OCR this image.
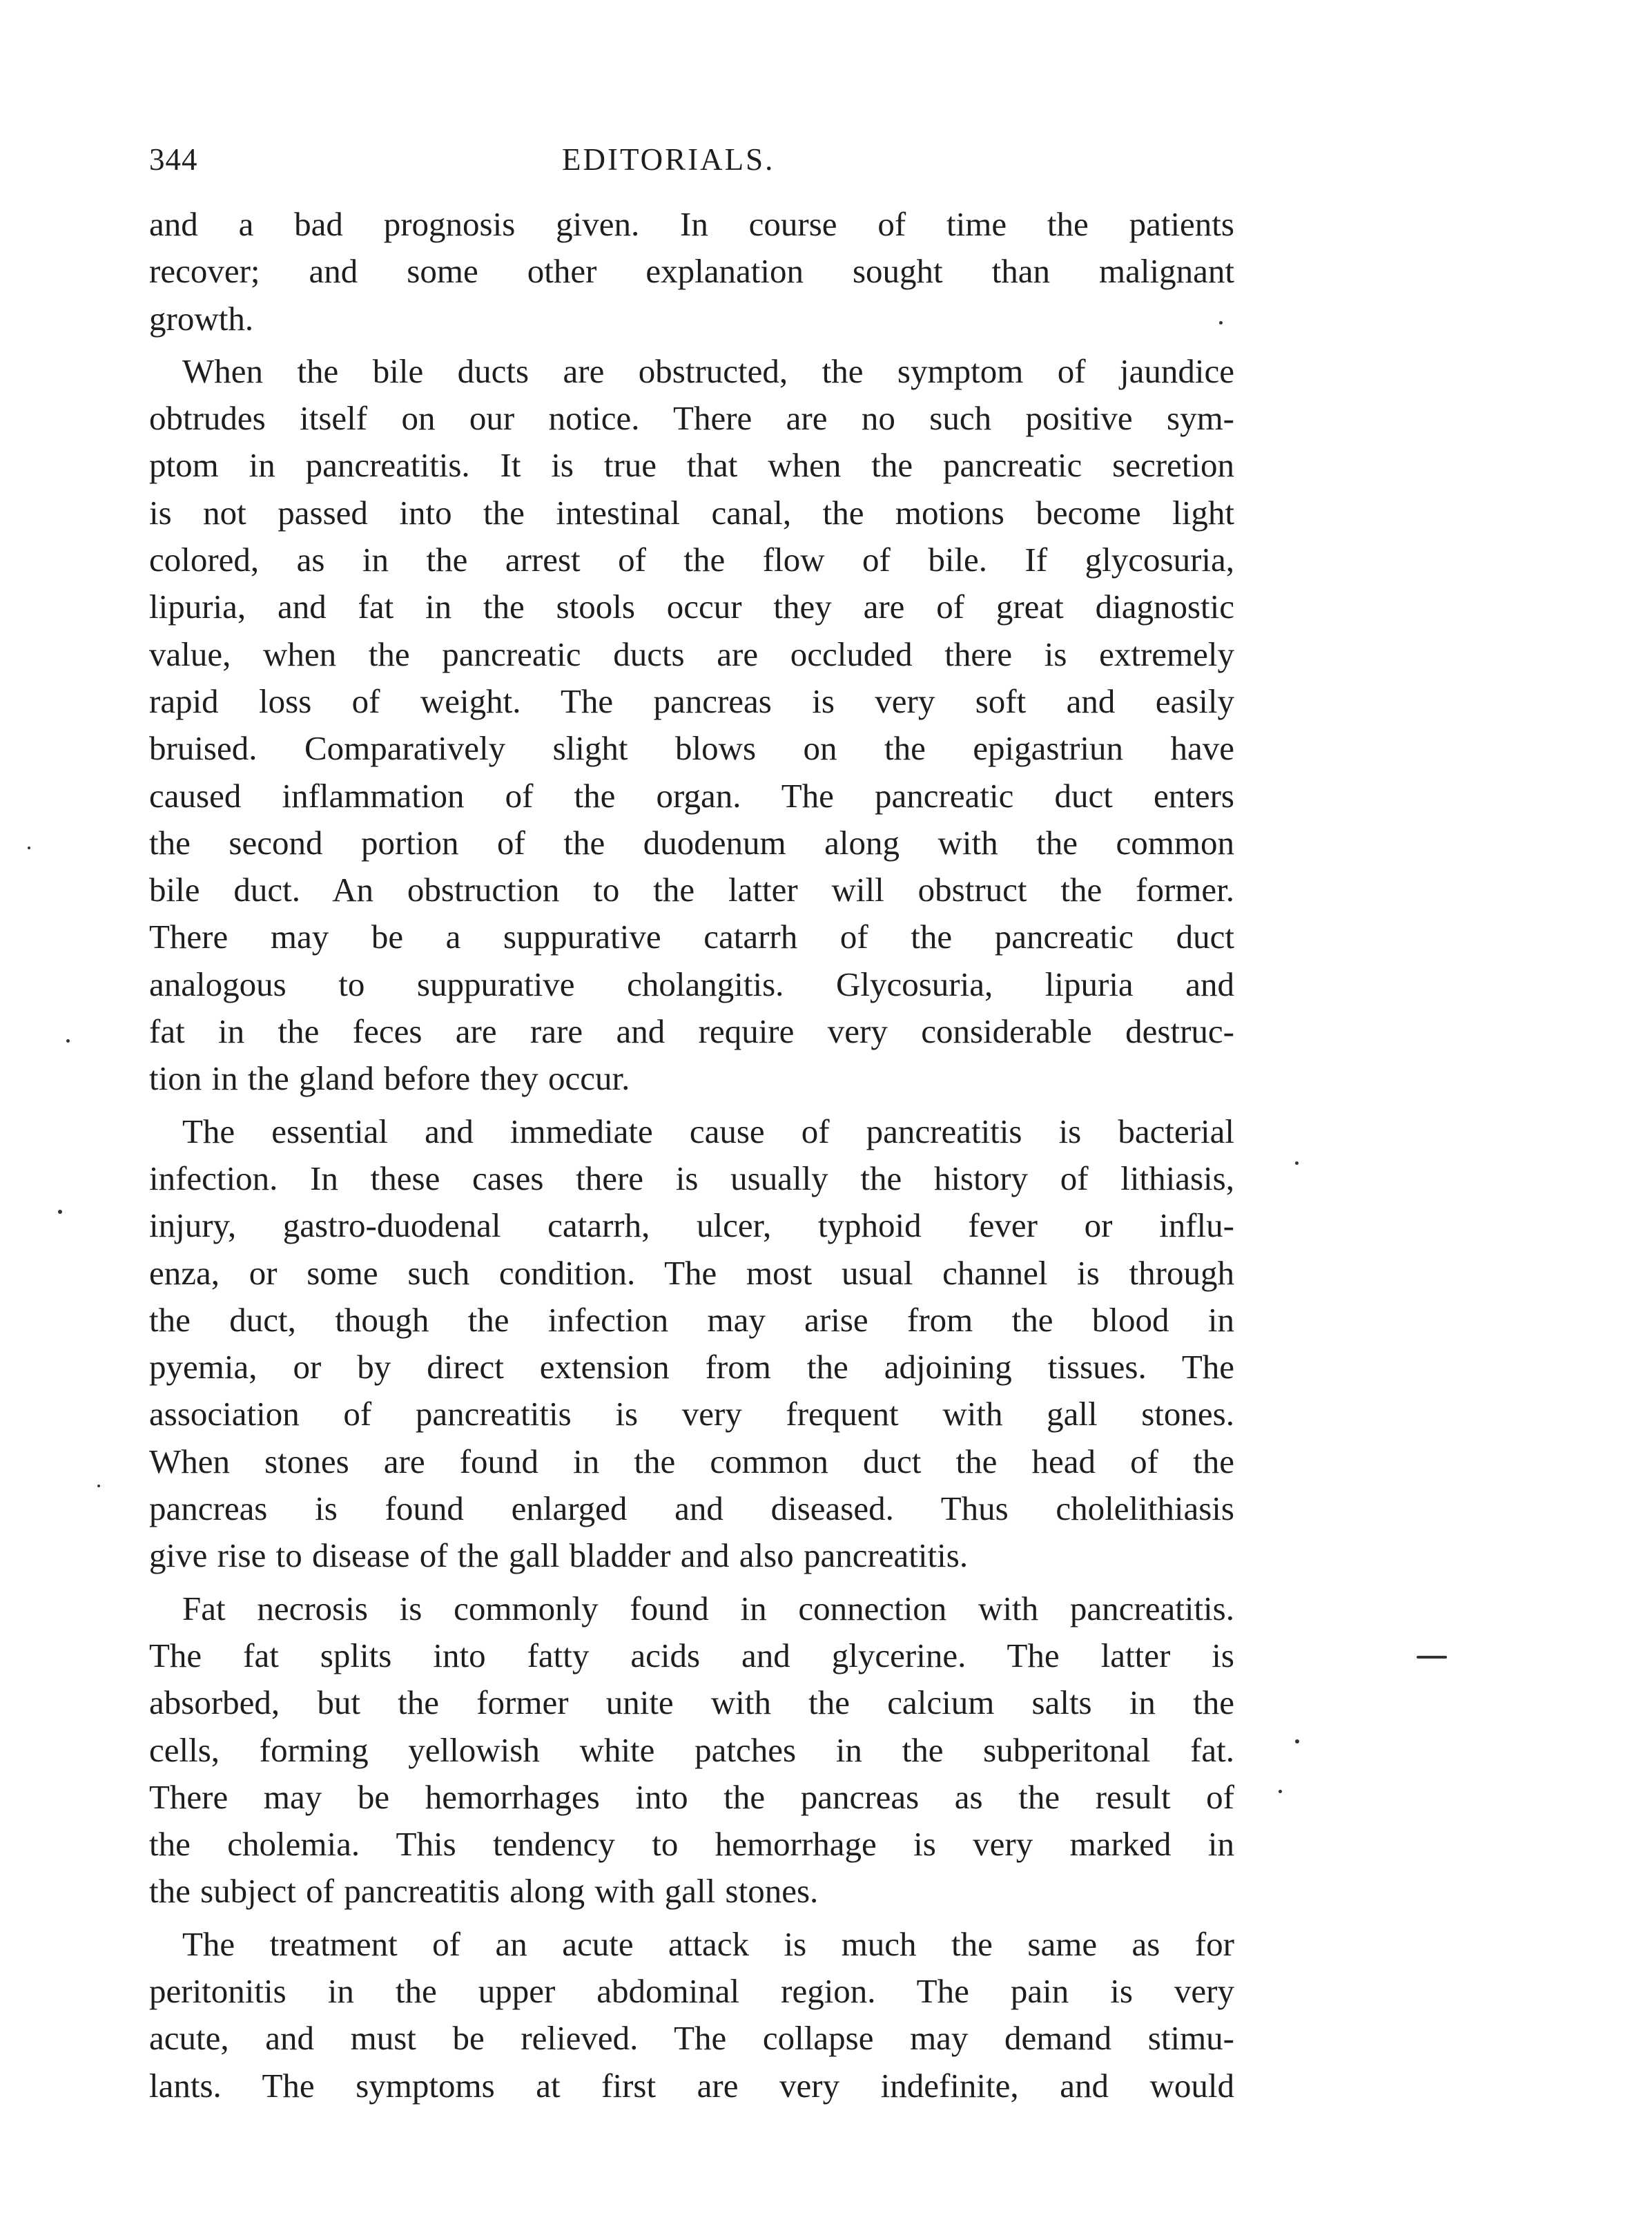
344	EDITORIALS.
and a bad prognosis given. In course of time the patients
recover; and some other explanation sought than malignant
growth.
When the bile ducts are obstructed, the symptom of jaundice
obtrudes itself on our notice. There are no such positive sym-
ptom in pancreatitis. It is true that when the pancreatic secretion
is not passed into the intestinal canal, the motions become light
colored, as in the arrest of the flow of bile. If glycosuria,
lipuria, and fat in the stools occur they are of great diagnostic
value, when the pancreatic ducts are occluded there is extremely
rapid loss of weight. The pancreas is very soft and easily
bruised. Comparatively slight blows on the epigastriun have
caused inflammation of the organ. The pancreatic duct enters
the second portion of the duodenum along with the common
bile duct. An obstruction to the latter will obstruct the former.
There may be a suppurative catarrh of the pancreatic duct
analogous to suppurative cholangitis. Glycosuria, lipuria and
fat in the feces are rare and require very considerable destruc-
tion in the gland before they occur.
The essential and immediate cause of pancreatitis is bacterial
infection. In these cases there is usually the history of lithiasis,
injury, gastro-duodenal catarrh, ulcer, typhoid fever or influ-
enza, or some such condition. The most usual channel is through
the duct, though the infection may arise from the blood in
pyemia, or by direct extension from the adjoining tissues. The
association of pancreatitis is very frequent with gall stones.
When stones are found in the common duct the head of the
pancreas is found enlarged and diseased. Thus cholelithiasis
give rise to disease of the gall bladder and also pancreatitis.
Fat necrosis is commonly found in connection with pancreatitis.
The fat splits into fatty acids and glycerine. The latter is
absorbed, but the former unite with the calcium salts in the
cells, forming yellowish white patches in the subperitonal fat.
There may be hemorrhages into the pancreas as the result of
the cholemia. This tendency to hemorrhage is very marked in
the subject of pancreatitis along with gall stones.
The treatment of an acute attack is much the same as for
peritonitis in the upper abdominal region. The pain is very
acute, and must be relieved. The collapse may demand stimu-
lants. The symptoms at first are very indefinite, and would
